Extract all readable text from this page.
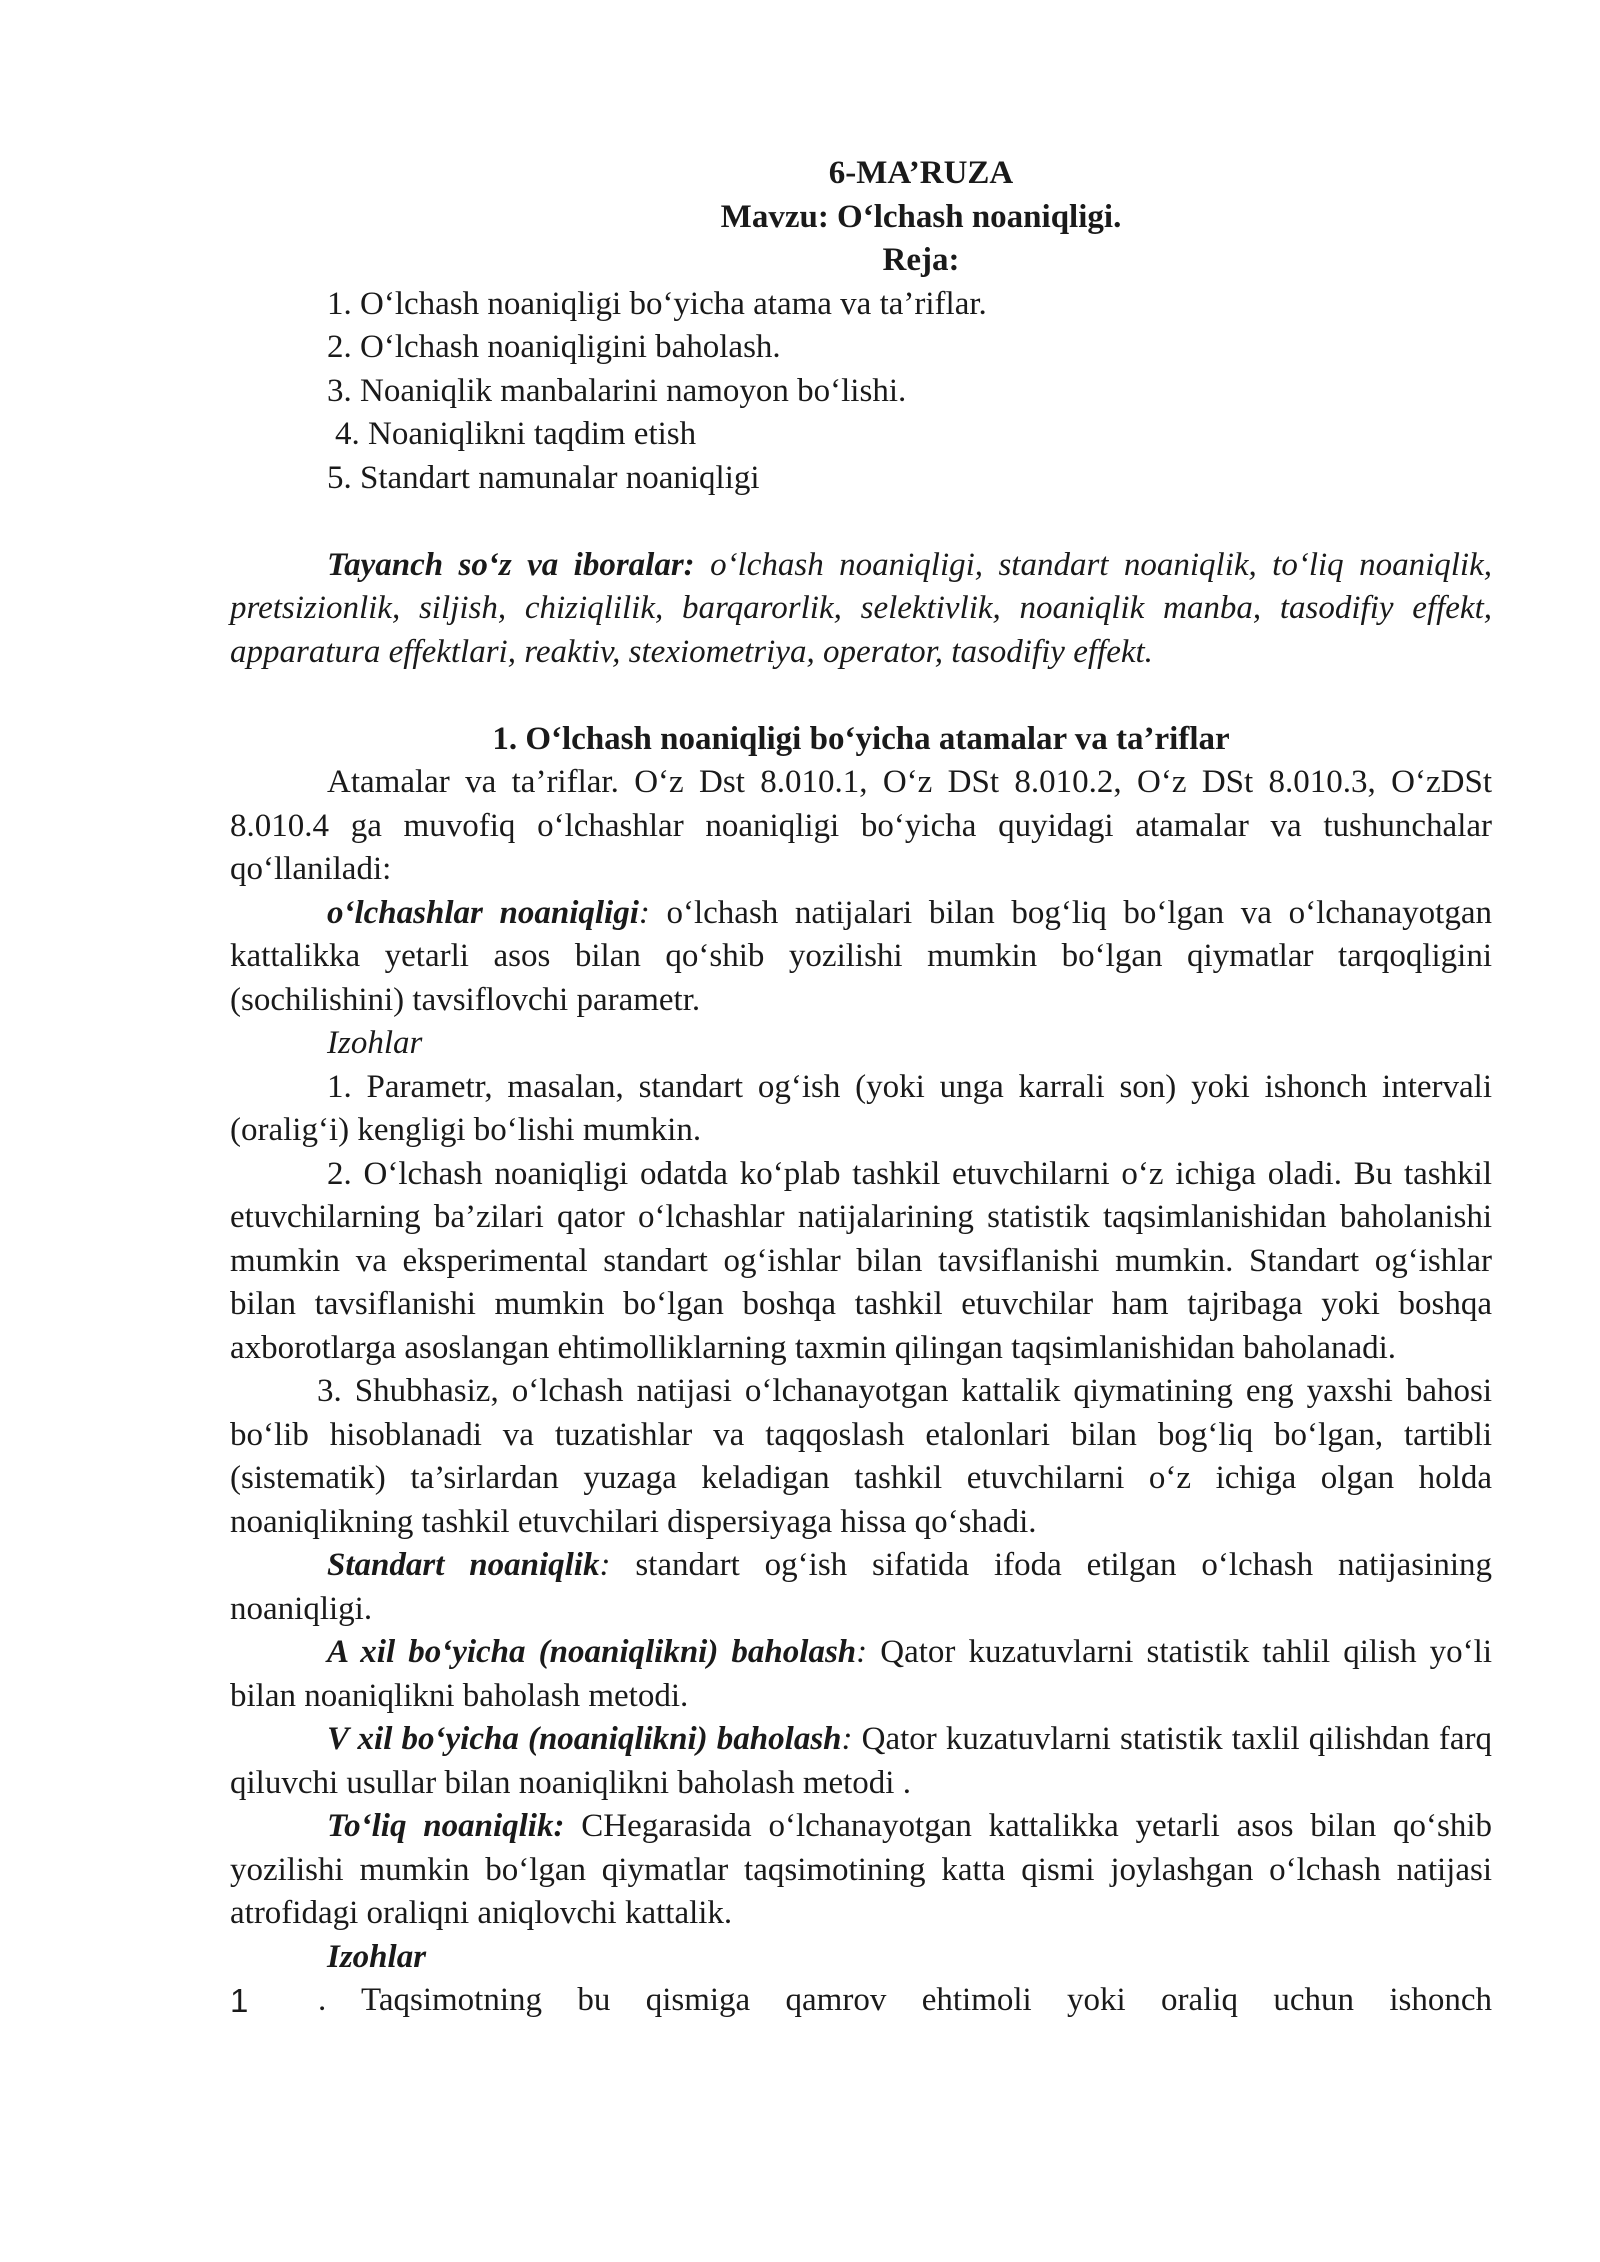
6-MA’RUZA
Mavzu: O‘lchash noaniqligi.
Reja:
1. O‘lchash noaniqligi bo‘yicha atama va ta’riflar.
2. O‘lchash noaniqligini baholash.
3. Noaniqlik manbalarini namoyon bo‘lishi.
4. Noaniqlikni taqdim etish
5. Standart namunalar noaniqligi

Tayanch so‘z va iboralar: o‘lchash noaniqligi, standart noaniqlik, to‘liq noaniqlik, pretsizionlik, siljish, chiziqlilik, barqarorlik, selektivlik, noaniqlik manba, tasodifiy effekt, apparatura effektlari, reaktiv, stexiometriya, operator, tasodifiy effekt.

1. O‘lchash noaniqligi bo‘yicha atamalar va ta’riflar

Atamalar va ta’riflar. O‘z Dst 8.010.1, O‘z DSt 8.010.2, O‘z DSt 8.010.3, O‘zDSt 8.010.4 ga muvofiq o‘lchashlar noaniqligi bo‘yicha quyidagi atamalar va tushunchalar qo‘llaniladi:

o‘lchashlar noaniqligi: o‘lchash natijalari bilan bog‘liq bo‘lgan va o‘lchanayotgan kattalikka yetarli asos bilan qo‘shib yozilishi mumkin bo‘lgan qiymatlar tarqoqligini (sochilishini) tavsiflovchi parametr.

Izohlar

1. Parametr, masalan, standart og‘ish (yoki unga karrali son) yoki ishonch intervali (oralig‘i) kengligi bo‘lishi mumkin.

2. O‘lchash noaniqligi odatda ko‘plab tashkil etuvchilarni o‘z ichiga oladi. Bu tashkil etuvchilarning ba’zilari qator o‘lchashlar natijalarining statistik taqsimlanishidan baholanishi mumkin va eksperimental standart og‘ishlar bilan tavsiflanishi mumkin. Standart og‘ishlar bilan tavsiflanishi mumkin bo‘lgan boshqa tashkil etuvchilar ham tajribaga yoki boshqa axborotlarga asoslangan ehtimolliklarning taxmin qilingan taqsimlanishidan baholanadi.

3. Shubhasiz, o‘lchash natijasi o‘lchanayotgan kattalik qiymatining eng yaxshi bahosi bo‘lib hisoblanadi va tuzatishlar va taqqoslash etalonlari bilan bog‘liq bo‘lgan, tartibli (sistematik) ta’sirlardan yuzaga keladigan tashkil etuvchilarni o‘z ichiga olgan holda noaniqlikning tashkil etuvchilari dispersiyaga hissa qo‘shadi.

Standart noaniqlik: standart og‘ish sifatida ifoda etilgan o‘lchash natijasining noaniqligi.

A xil bo‘yicha (noaniqlikni) baholash: Qator kuzatuvlarni statistik tahlil qilish yo‘li bilan noaniqlikni baholash metodi.

V xil bo‘yicha (noaniqlikni) baholash: Qator kuzatuvlarni statistik taxlil qilishdan farq qiluvchi usullar bilan noaniqlikni baholash metodi .

To‘liq noaniqlik: CHegarasida o‘lchanayotgan kattalikka yetarli asos bilan qo‘shib yozilishi mumkin bo‘lgan qiymatlar taqsimotining katta qismi joylashgan o‘lchash natijasi atrofidagi oraliqni aniqlovchi kattalik.

Izohlar

1	. Taqsimotning bu qismiga qamrov ehtimoli yoki oraliq uchun ishonch
